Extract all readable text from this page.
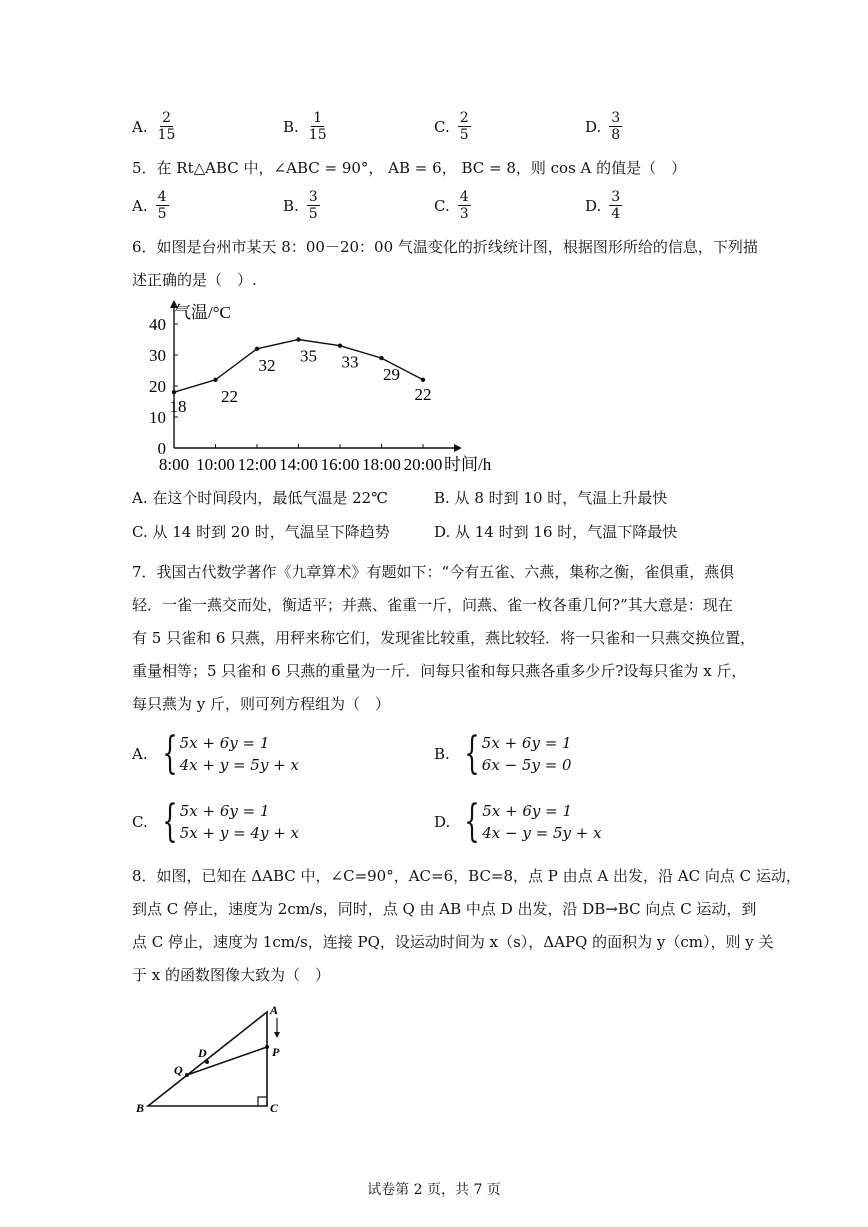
A. $\frac{2}{15}$	B. $\frac{1}{15}$	C. $\frac{2}{5}$	D. $\frac{3}{8}$
5．在 Rt△ABC 中，∠ABC = 90°， AB = 6， BC = 8，则 cos A 的值是（　）
A. $\frac{4}{5}$	B. $\frac{3}{5}$	C. $\frac{4}{3}$	D. $\frac{3}{4}$
6．如图是台州市某天 8：00－20：00 气温变化的折线统计图，根据图形所给的信息，下列描
述正确的是（　）.
0
10
20
30
40
气温/°C
8:00 10:00 12:00 14:00 16:00 18:00 20:00 时间/h
18
22
32 35 33
29
22
A. 在这个时间段内，最低气温是 22℃	B. 从 8 时到 10 时，气温上升最快
C. 从 14 时到 20 时，气温呈下降趋势	D. 从 14 时到 16 时，气温下降最快
7．我国古代数学著作《九章算术》有题如下：“今有五雀、六燕，集称之衡，雀俱重，燕俱
轻．一雀一燕交而处，衡适平；并燕、雀重一斤，问燕、雀一枚各重几何?”其大意是：现在
有 5 只雀和 6 只燕，用秤来称它们，发现雀比较重，燕比较轻．将一只雀和一只燕交换位置，
重量相等；5 只雀和 6 只燕的重量为一斤．问每只雀和每只燕各重多少斤?设每只雀为 x 斤，
每只燕为 y 斤，则可列方程组为（　）
A. { 5x + 6y = 1
4x + y = 5y + x
B. { 5x + 6y = 1
6x − 5y = 0
C. { 5x + 6y = 1
5x + y = 4y + x
D. { 5x + 6y = 1
4x − y = 5y + x
8．如图，已知在 ΔABC 中，∠C=90°，AC=6，BC=8，点 P 由点 A 出发，沿 AC 向点 C 运动，
到点 C 停止，速度为 2cm/s，同时，点 Q 由 AB 中点 D 出发，沿 DB→BC 向点 C 运动，到
点 C 停止，速度为 1cm/s，连接 PQ，设运动时间为 x（s），ΔAPQ 的面积为 y（cm），则 y 关
于 x 的函数图像大致为（　）
A
B	C
D	P
Q
试卷第 2 页，共 7 页
